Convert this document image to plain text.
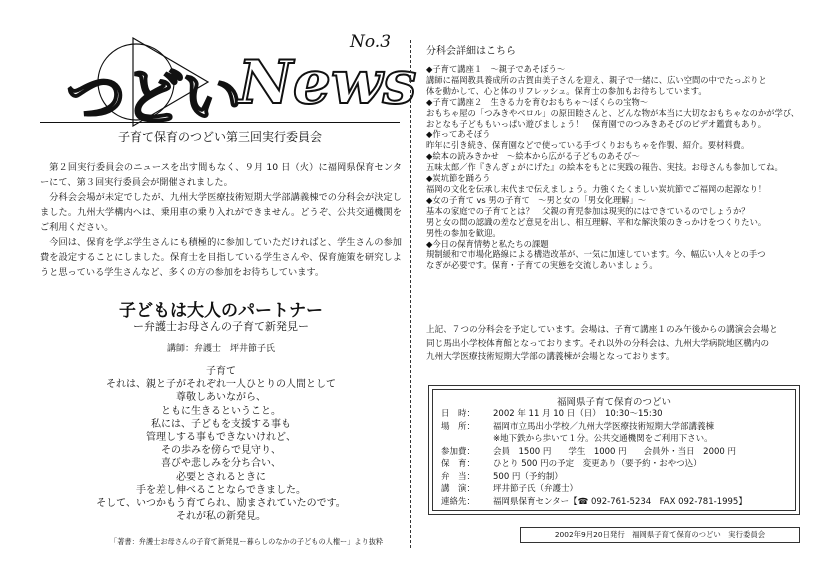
つどい
News
No.3
子育て保育のつどい第三回実行委員会

第２回実行委員会のニュースを出す間もなく、９月 10 日（火）に福岡県保育センターにて、第３回実行委員会が開催されました。

分科会会場が未定でしたが、九州大学医療技術短期大学部講義棟での分科会が決定しました。九州大学構内へは、乗用車の乗り入れができません。どうぞ、公共交通機関をご利用ください。

今回は、保育を学ぶ学生さんにも積極的に参加していただければと、学生さんの参加費を設定することにしました。保育士を目指している学生さんや、保育施策を研究しようと思っている学生さんなど、多くの方の参加をお待ちしています。

子どもは大人のパートナー
ー弁護士お母さんの子育て新発見ー
講師：弁護士　坪井節子氏
子育て
それは、親と子がそれぞれ一人ひとりの人間として
尊敬しあいながら、
ともに生きるということ。
私には、子どもを支援する事も
管理しする事もできないけれど、
その歩みを傍らで見守り、
喜びや悲しみを分ち合い、
必要とされるときに
手を差し伸べることならできました。
そして、いつかもう育てられ、励まされていたのです。
それが私の新発見。
「著書：弁護士お母さんの子育て新発見ー暮らしのなかの子どもの人権ー」より抜粋
分科会詳細はこちら
◆子育て講座１　～親子であそぼう～
講師に福岡教具養成所の古賀由美子さんを迎え、親子で一緒に、広い空間の中でたっぷりと
体を動かして、心と体のリフレッシュ。保育士の参加もお待ちしています。
◆子育て講座２　生きる力を育むおもちゃ～ぼくらの宝物～
おもちゃ屋の「つみきやベロル」の原田睦さんと、どんな物が本当に大切なおもちゃなのかが学び、
おとなも子どももいっぱい遊びましょう！　保育園でのつみきあそびのビデオ鑑賞もあり。
◆作ってあそぼう
昨年に引き続き、保育園などで使っている手づくりおもちゃを作製、紹介。要材料費。
◆絵本の読みきかせ　～絵本から広がる子どものあそび～
五味太郎／作『きんぎょがにげた』の絵本をもとに実践の報告、実技。お母さんも参加してね。
◆炭坑節を踊ろう
福岡の文化を伝承し末代まで伝えましょう。力強くたくましい炭坑節でご福岡の起源なり！
◆女の子育て vs 男の子育て　～男と女の「男女化理解」～
基本の家庭での子育てとは？　父親の育児参加は現実的にはできているのでしょうか？
男と女の間の認識の差など意見を出し、相互理解、平和な解決策のきっかけをつくりたい。
男性の参加を歓迎。
◆今日の保育情勢と私たちの課題
規制緩和で市場化路線による構造改革が、一気に加速しています。今、幅広い人々との手つ
なぎが必要です。保育・子育ての実態を交流しあいましょう。
上記、７つの分科会を予定しています。会場は、子育て講座１のみ午後からの講演会会場と
同じ馬出小学校体育館となっております。それ以外の分科会は、九州大学病院地区構内の
九州大学医療技術短期大学部の講義棟が会場となっております。
福岡県子育て保育のつどい
日　時： 2002 年 11 月 10 日（日）　10:30～15:30
場　所： 福岡市立馬出小学校／九州大学医療技術短期大学部講義棟
※地下鉄から歩いて１分。公共交通機関をご利用下さい。
参加費： 会員　1500 円　　学生　1000 円　　会員外・当日　2000 円
保　育： ひとり 500 円の予定　変更あり（要予約・おやつ込）
弁　当： 500 円（予約制）
講　演： 坪井節子氏（弁護士）
連絡先： 福岡県保育センター【☎ 092-761-5234　FAX 092-781-1995】
2002年9月20日発行　福岡県子育て保育のつどい　実行委員会
